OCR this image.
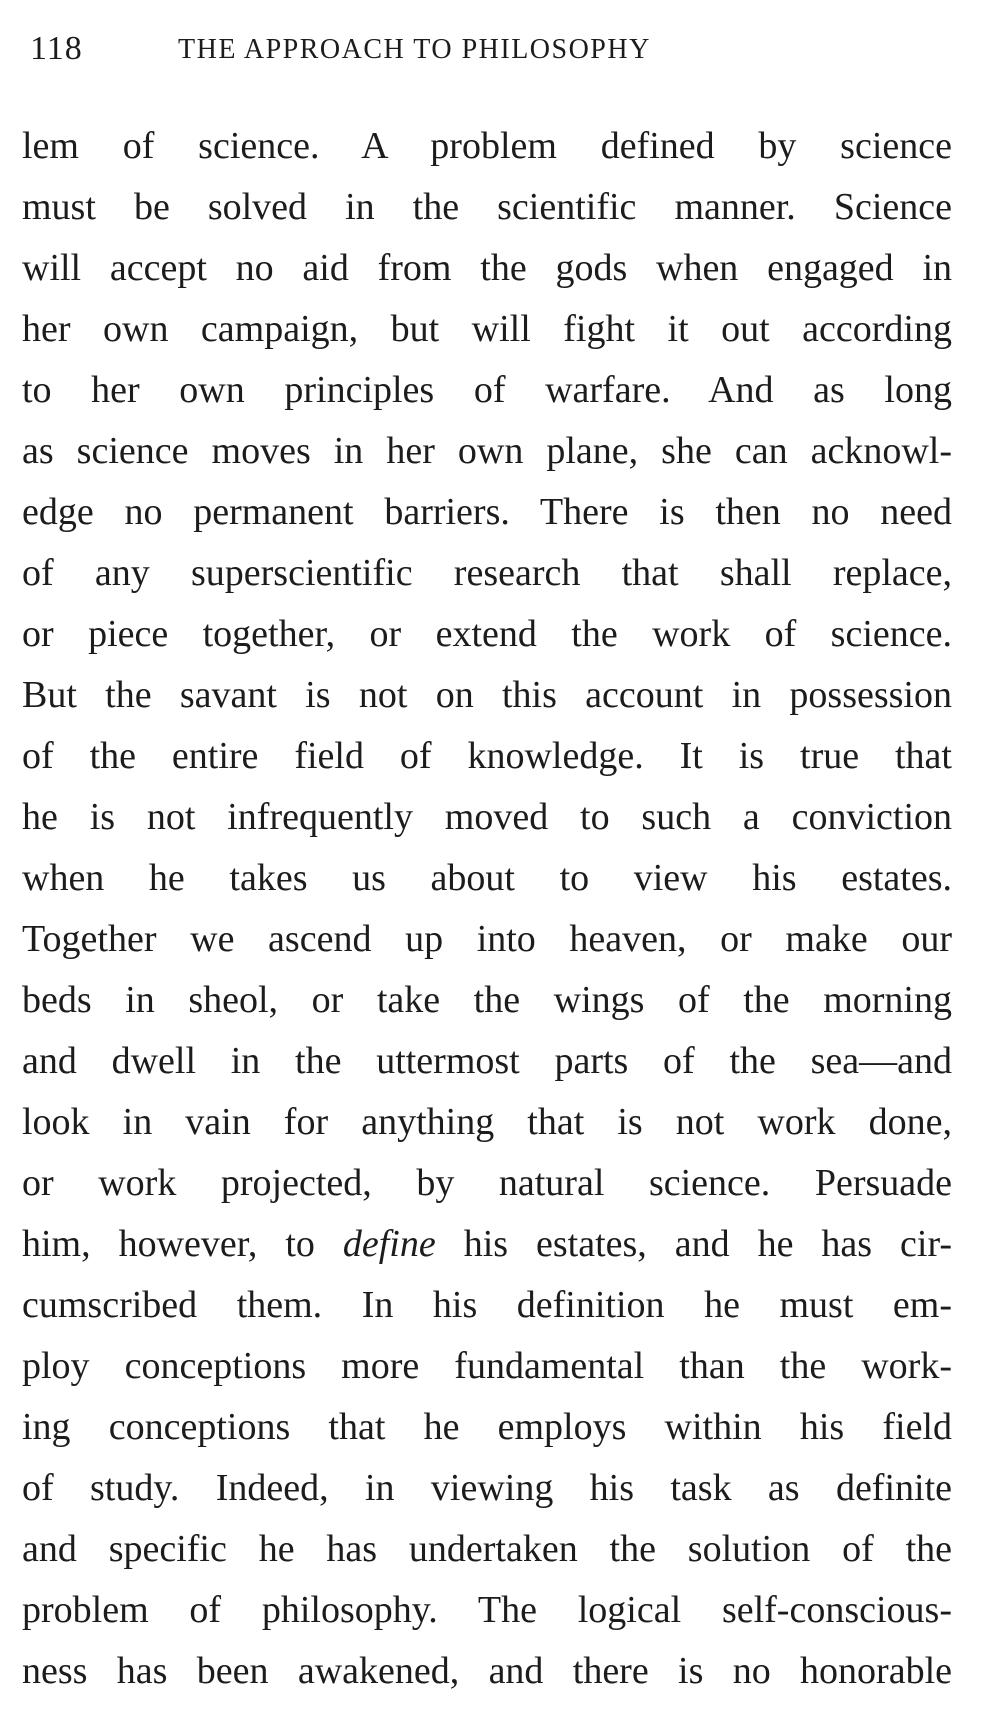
118	THE APPROACH TO PHILOSOPHY
lem of science. A problem defined by science
must be solved in the scientific manner. Science
will accept no aid from the gods when engaged in
her own campaign, but will fight it out according
to her own principles of warfare. And as long
as science moves in her own plane, she can acknowl-
edge no permanent barriers. There is then no need
of any superscientific research that shall replace,
or piece together, or extend the work of science.
But the savant is not on this account in possession
of the entire field of knowledge. It is true that
he is not infrequently moved to such a conviction
when he takes us about to view his estates.
Together we ascend up into heaven, or make our
beds in sheol, or take the wings of the morning
and dwell in the uttermost parts of the sea—and
look in vain for anything that is not work done,
or work projected, by natural science. Persuade
him, however, to define his estates, and he has cir-
cumscribed them. In his definition he must em-
ploy conceptions more fundamental than the work-
ing conceptions that he employs within his field
of study. Indeed, in viewing his task as definite
and specific he has undertaken the solution of the
problem of philosophy. The logical self-conscious-
ness has been awakened, and there is no honorable
